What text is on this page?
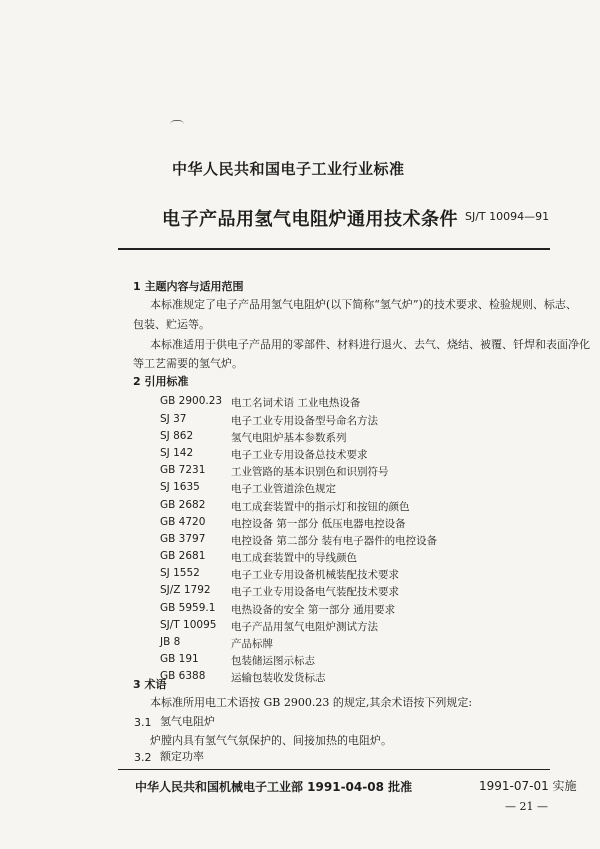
中华人民共和国电子工业行业标准
电子产品用氢气电阻炉通用技术条件 SJ/T 10094—91
1 主题内容与适用范围
本标准规定了电子产品用氢气电阻炉(以下简称“氢气炉”)的技术要求、检验规则、标志、
包装、贮运等。
本标准适用于供电子产品用的零部件、材料进行退火、去气、烧结、被覆、钎焊和表面净化
等工艺需要的氢气炉。
2 引用标准
GB 2900.23 电工名词术语 工业电热设备
SJ 37	电子工业专用设备型号命名方法
SJ 862	氢气电阻炉基本参数系列
SJ 142	电子工业专用设备总技术要求
GB 7231 工业管路的基本识别色和识别符号
SJ 1635	电子工业管道涂色规定
GB 2682 电工成套装置中的指示灯和按钮的颜色
GB 4720 电控设备 第一部分 低压电器电控设备
GB 3797 电控设备 第二部分 装有电子器件的电控设备
GB 2681 电工成套装置中的导线颜色
SJ 1552	电子工业专用设备机械装配技术要求
SJ/Z 1792 电子工业专用设备电气装配技术要求
GB 5959.1 电热设备的安全 第一部分 通用要求
SJ/T 10095 电子产品用氢气电阻炉测试方法
JB 8	产品标牌
GB 191	包装储运图示标志
GB 6388 运输包装收发货标志
3 术语
本标准所用电工术语按 GB 2900.23 的规定,其余术语按下列规定:
3.1 氢气电阻炉
炉膛内具有氢气气氛保护的、间接加热的电阻炉。
3.2 额定功率
中华人民共和国机械电子工业部 1991-04-08 批准	1991-07-01 实施
— 21 —
